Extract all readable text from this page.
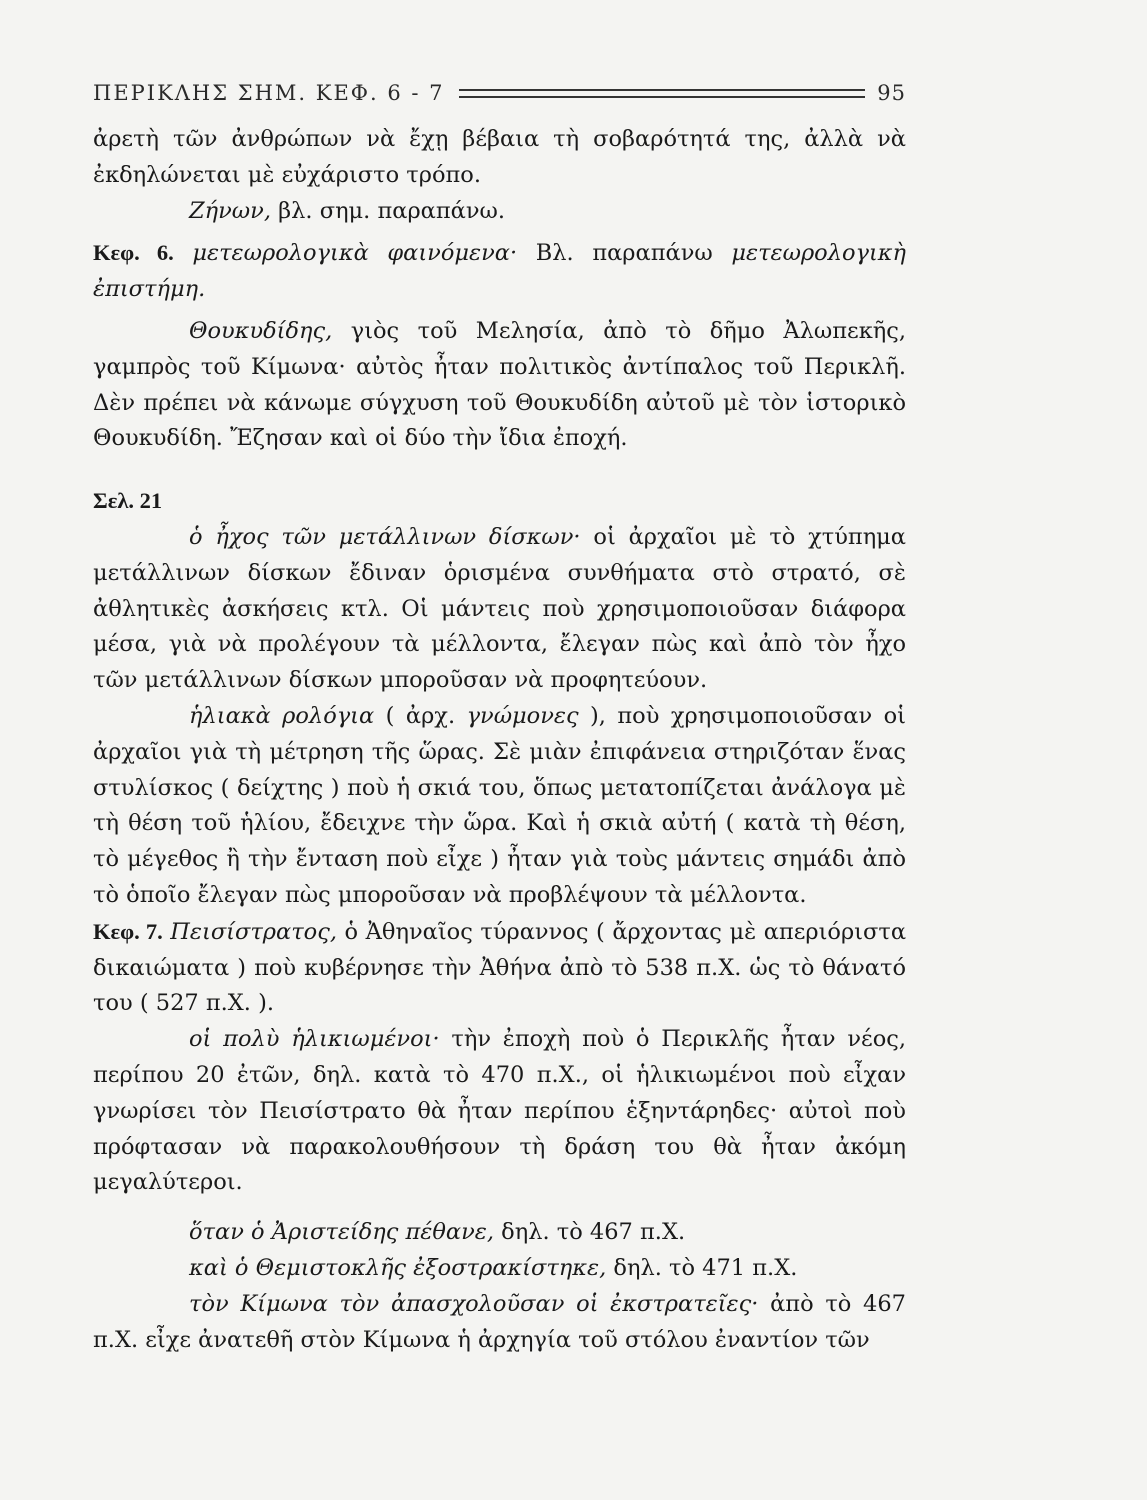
ΠΕΡΙΚΛΗΣ ΣΗΜ. ΚΕΦ. 6 - 7	95

ἀρετὴ τῶν ἀνθρώπων νὰ ἔχῃ βέβαια τὴ σοβαρότητά της, ἀλλὰ νὰ ἐκδηλώνεται μὲ εὐχάριστο τρόπο.

Ζήνων, βλ. σημ. παραπάνω.

Κεφ. 6. μετεωρολογικὰ φαινόμενα· Βλ. παραπάνω μετεωρολογικὴ ἐπιστήμη.

Θουκυδίδης, γιὸς τοῦ Μελησία, ἀπὸ τὸ δῆμο Ἀλωπεκῆς, γαμπρὸς τοῦ Κίμωνα· αὐτὸς ἦταν πολιτικὸς ἀντίπαλος τοῦ Περικλῆ. Δὲν πρέπει νὰ κάνωμε σύγχυση τοῦ Θουκυδίδη αὐτοῦ μὲ τὸν ἱστορικὸ Θουκυδίδη. Ἔζησαν καὶ οἱ δύο τὴν ἴδια ἐποχή.

Σελ. 21

ὁ ἦχος τῶν μετάλλινων δίσκων· οἱ ἀρχαῖοι μὲ τὸ χτύπημα μετάλλινων δίσκων ἔδιναν ὁρισμένα συνθήματα στὸ στρατό, σὲ ἀθλητικὲς ἀσκήσεις κτλ. Οἱ μάντεις ποὺ χρησιμοποιοῦσαν διάφορα μέσα, γιὰ νὰ προλέγουν τὰ μέλλοντα, ἔλεγαν πὼς καὶ ἀπὸ τὸν ἦχο τῶν μετάλλινων δίσκων μποροῦσαν νὰ προφητεύουν.

ἡλιακὰ ρολόγια ( ἀρχ. γνώμονες ), ποὺ χρησιμοποιοῦσαν οἱ ἀρχαῖοι γιὰ τὴ μέτρηση τῆς ὥρας. Σὲ μιὰν ἐπιφάνεια στηριζόταν ἕνας στυλίσκος ( δείχτης ) ποὺ ἡ σκιά του, ὅπως μετατοπίζεται ἀνάλογα μὲ τὴ θέση τοῦ ἡλίου, ἔδειχνε τὴν ὥρα. Καὶ ἡ σκιὰ αὐτή ( κατὰ τὴ θέση, τὸ μέγεθος ἢ τὴν ἔνταση ποὺ εἶχε ) ἦταν γιὰ τοὺς μάντεις σημάδι ἀπὸ τὸ ὁποῖο ἔλεγαν πὼς μποροῦσαν νὰ προβλέψουν τὰ μέλλοντα.

Κεφ. 7. Πεισίστρατος, ὁ Ἀθηναῖος τύραννος ( ἄρχοντας μὲ απεριόριστα δικαιώματα ) ποὺ κυβέρνησε τὴν Ἀθήνα ἀπὸ τὸ 538 π.Χ. ὡς τὸ θάνατό του ( 527 π.Χ. ).

οἱ πολὺ ἡλικιωμένοι· τὴν ἐποχὴ ποὺ ὁ Περικλῆς ἦταν νέος, περίπου 20 ἐτῶν, δηλ. κατὰ τὸ 470 π.Χ., οἱ ἡλικιωμένοι ποὺ εἶχαν γνωρίσει τὸν Πεισίστρατο θὰ ἦταν περίπου ἑξηντάρηδες· αὐτοὶ ποὺ πρόφτασαν νὰ παρακολουθήσουν τὴ δράση του θὰ ἦταν ἀκόμη μεγαλύτεροι.

ὅταν ὁ Ἀριστείδης πέθανε, δηλ. τὸ 467 π.Χ.

καὶ ὁ Θεμιστοκλῆς ἐξοστρακίστηκε, δηλ. τὸ 471 π.Χ.

τὸν Κίμωνα τὸν ἀπασχολοῦσαν οἱ ἐκστρατεῖες· ἀπὸ τὸ 467 π.Χ. εἶχε ἀνατεθῆ στὸν Κίμωνα ἡ ἀρχηγία τοῦ στόλου ἐναντίον τῶν
